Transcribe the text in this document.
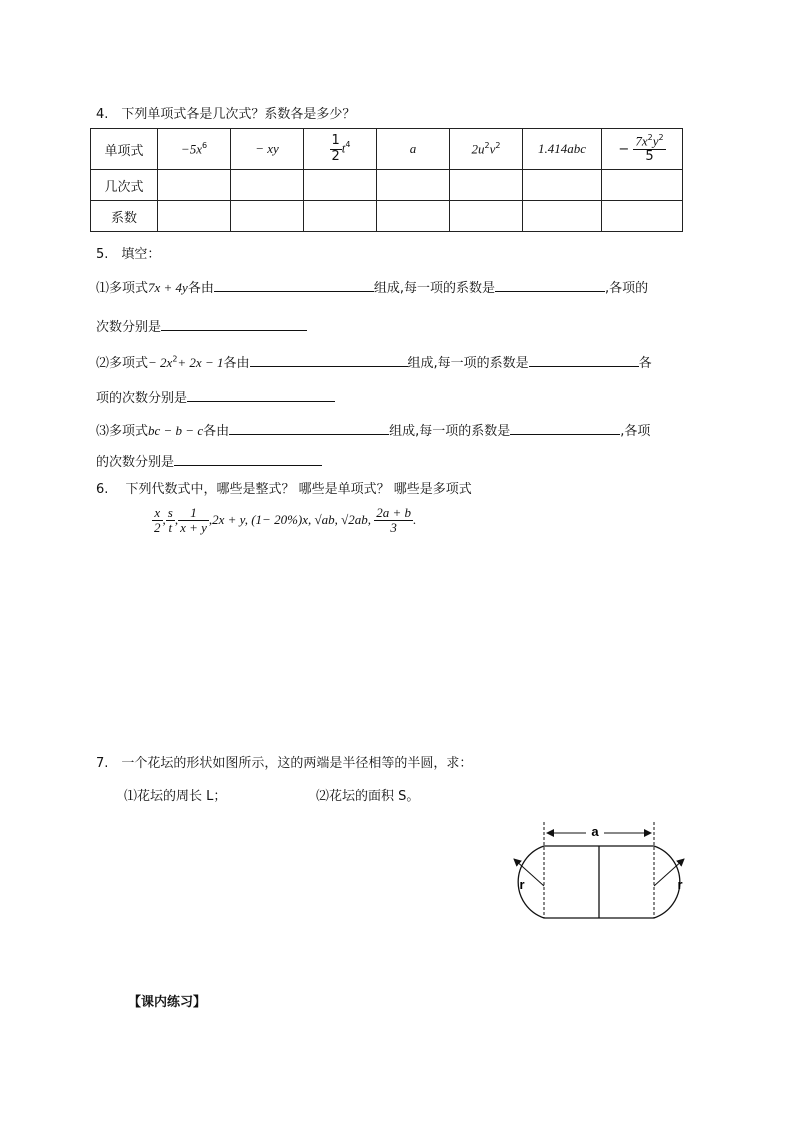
4.　下列单项式各是几次式？系数各是多少？
单项式	$-5x^6$	− xy	$\frac{1}{2} t^4$	a	$2u^2v^2$	1.414abc	− $\frac{7x^2y^2}{5}$

几次式							
系数							
5.　填空：
⑴多项式7x + 4y各由	组成,每一项的系数是	,各项的
次数分别是
⑵多项式− $2x^2+ 2x - 1$各由	组成,每一项的系数是	各
项的次数分别是
⑶多项式bc − b − c各由	组成,每一项的系数是	,各项
的次数分别是
6.　 下列代数式中，哪些是整式？ 哪些是单项式？ 哪些是多项式
$\frac{x}{2}$ , $\frac{s}{t}$ , $\frac{1}{x + y} ,2x + y$, (1− 20%)x, √ab, √2ab, $\frac{2a + b}{3}$ .
7.　一个花坛的形状如图所示，这的两端是半径相等的半圆，求：
⑴花坛的周长 L；	⑵花坛的面积 S。
a
r	r
【课内练习】
